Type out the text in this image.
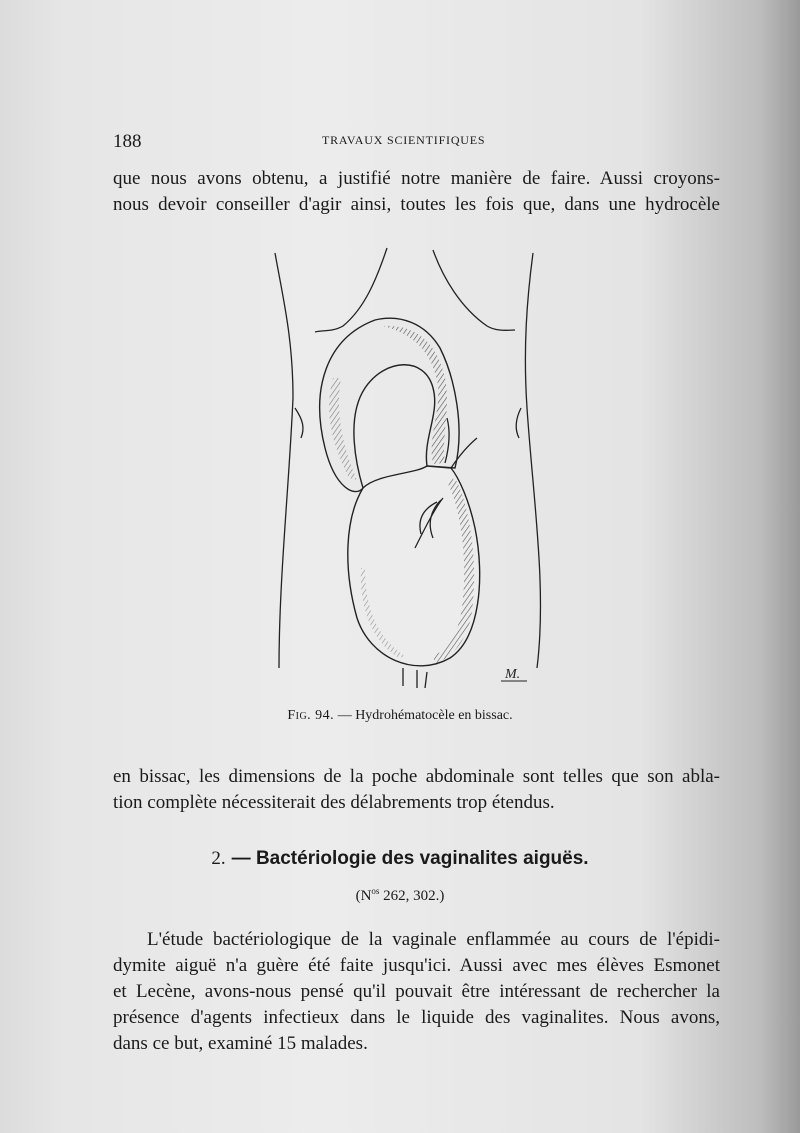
188	TRAVAUX SCIENTIFIQUES
que nous avons obtenu, a justifié notre manière de faire. Aussi croyons-
nous devoir conseiller d'agir ainsi, toutes les fois que, dans une hydrocèle
M.
Fig. 94. — Hydrohématocèle en bissac.
en bissac, les dimensions de la poche abdominale sont telles que son abla-
tion complète nécessiterait des délabrements trop étendus.
2. — Bactériologie des vaginalites aiguës.
($N^{os}$ 262, 302.)
L'étude bactériologique de la vaginale enflammée au cours de l'épidi-
dymite aiguë n'a guère été faite jusqu'ici. Aussi avec mes élèves Esmonet
et Lecène, avons-nous pensé qu'il pouvait être intéressant de rechercher la
présence d'agents infectieux dans le liquide des vaginalites. Nous avons,
dans ce but, examiné 15 malades.
